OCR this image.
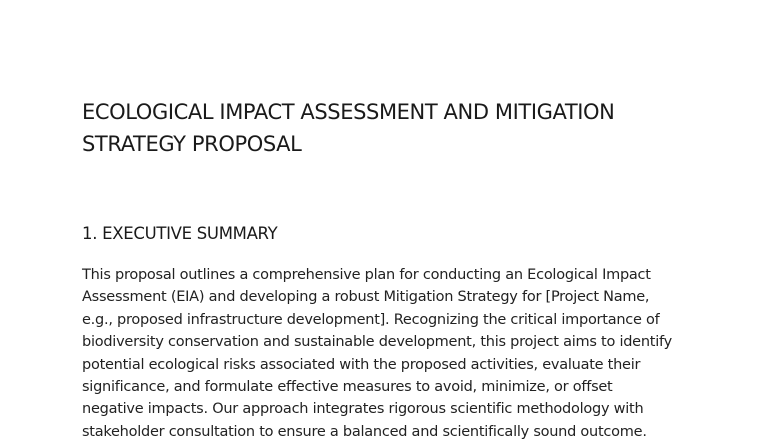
ECOLOGICAL IMPACT ASSESSMENT AND MITIGATION
STRATEGY PROPOSAL
1. EXECUTIVE SUMMARY

This proposal outlines a comprehensive plan for conducting an Ecological Impact
Assessment (EIA) and developing a robust Mitigation Strategy for [Project Name,
e.g., proposed infrastructure development]. Recognizing the critical importance of
biodiversity conservation and sustainable development, this project aims to identify
potential ecological risks associated with the proposed activities, evaluate their
significance, and formulate effective measures to avoid, minimize, or offset
negative impacts. Our approach integrates rigorous scientific methodology with
stakeholder consultation to ensure a balanced and scientifically sound outcome.
